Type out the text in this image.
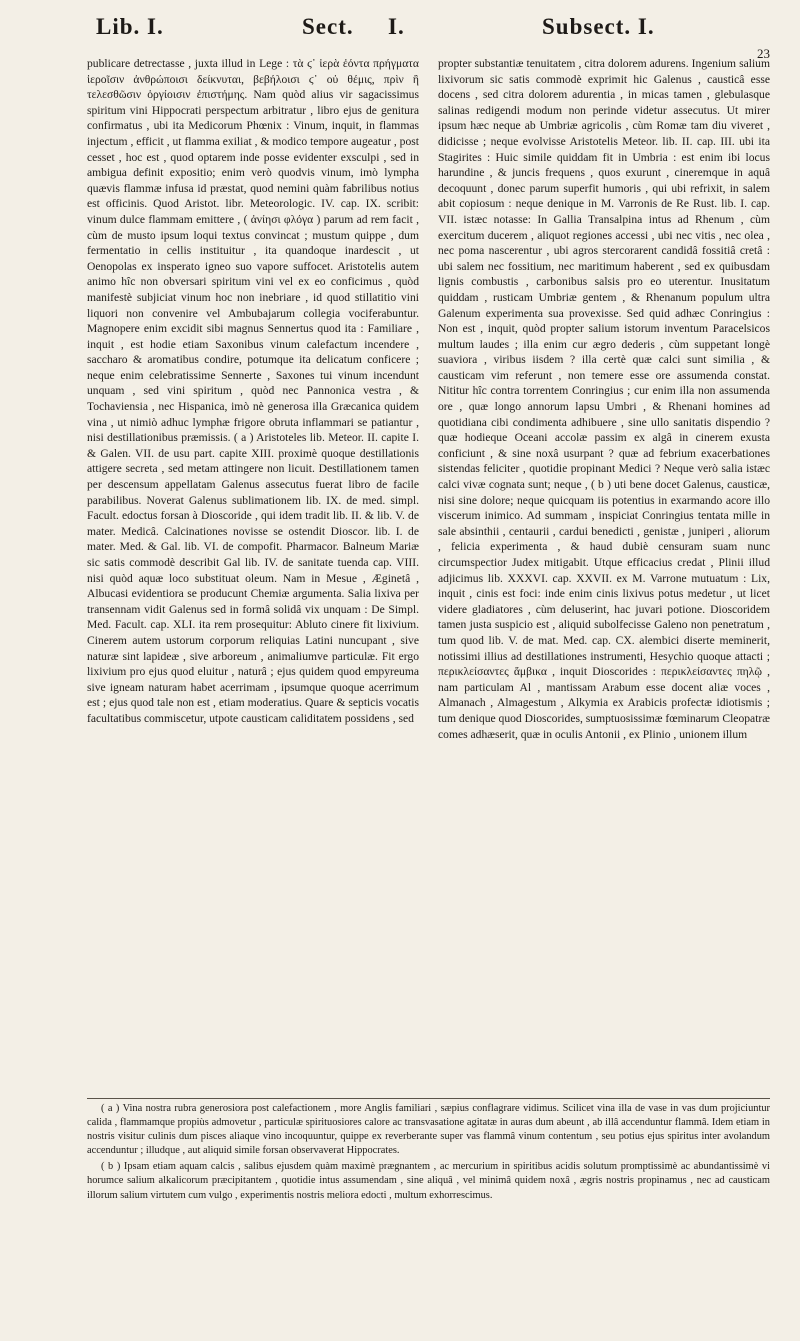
Lib. I.	Sect. I.	Subsect. I.
23

publicare detrectasse , juxta illud in Lege : τὰ ϛ᾽ ἱερὰ ἐόντα πρήγματα ἱεροῖσιν ἀνθρώποισι δείκνυται, βεβήλοισι ϛ᾽ οὐ θέμις, πρὶν ἢ τελεσθῶσιν ὀργίοισιν ἐπιστήμης. Nam quòd alius vir sagacissimus spiritum vini Hippocrati perspectum arbitratur , libro ejus de genitura confirmatus , ubi ita Medicorum Phœnix : Vinum, inquit, in flammas injectum , efficit , ut flamma exiliat , & modico tempore augeatur , post cesset , hoc est , quod optarem inde posse evidenter exsculpi , sed in ambigua definit expositio; enim verò quodvis vinum, imò lympha quævis flammæ infusa id præstat, quod nemini quàm fabrilibus notius est officinis. Quod Aristot. libr. Meteorologic. IV. cap. IX. scribit: vinum dulce flammam emittere , ( ἀνίησι φλόγα ) parum ad rem facit , cùm de musto ipsum loqui textus convincat ; mustum quippe , dum fermentatio in cellis instituitur , ita quandoque inardescit , ut Oenopolas ex insperato igneo suo vapore suffocet. Aristotelis autem animo hîc non obversari spiritum vini vel ex eo conficimus , quòd manifestè subjiciat vinum hoc non inebriare , id quod stillatitio vini liquori non convenire vel Ambubajarum collegia vociferabuntur. Magnopere enim excidit sibi magnus Sennertus quod ita : Familiare , inquit , est hodie etiam Saxonibus vinum calefactum incendere , saccharo & aromatibus condire, potumque ita delicatum conficere ; neque enim celebratissime Sennerte , Saxones tui vinum incendunt unquam , sed vini spiritum , quòd nec Pannonica vestra , & Tochaviensia , nec Hispanica, imò nè generosa illa Græcanica quidem vina , ut nimiò adhuc lymphæ frigore obruta inflammari se patiantur , nisi destillationibus præmissis. ( a ) Aristoteles lib. Meteor. II. capite I. & Galen. VII. de usu part. capite XIII. proximè quoque destillationis attigere secreta , sed metam attingere non licuit. Destillationem tamen per descensum appellatam Galenus assecutus fuerat libro de facile parabilibus. Noverat Galenus sublimationem lib. IX. de med. simpl. Facult. edoctus forsan à Dioscoride , qui idem tradit lib. II. & lib. V. de mater. Medicâ. Calcinationes novisse se ostendit Dioscor. lib. I. de mater. Med. & Gal. lib. VI. de compofit. Pharmacor. Balneum Mariæ sic satis commodè describit Gal lib. IV. de sanitate tuenda cap. VIII. nisi quòd aquæ loco substituat oleum. Nam in Mesue , Æginetâ , Albucasi evidentiora se producunt Chemiæ argumenta. Salia lixiva per transennam vidit Galenus sed in formâ solidâ vix unquam : De Simpl. Med. Facult. cap. XLI. ita rem prosequitur: Abluto cinere fit lixivium. Cinerem autem ustorum corporum reliquias Latini nuncupant , sive naturæ sint lapideæ , sive arboreum , animaliumve particulæ. Fit ergo lixivium pro ejus quod eluitur , naturâ ; ejus quidem quod empyreuma sive igneam naturam habet acerrimam , ipsumque quoque acerrimum est ; ejus quod tale non est , etiam moderatius. Quare & septicis vocatis facultatibus commiscetur, utpote causticam caliditatem possidens , sed

propter substantiæ tenuitatem , citra dolorem adurens. Ingenium salium lixivorum sic satis commodè exprimit hic Galenus , causticâ esse docens , sed citra dolorem adurentia , in micas tamen , glebulasque salinas redigendi modum non perinde videtur assecutus. Ut mirer ipsum hæc neque ab Umbriæ agricolis , cùm Romæ tam diu viveret , didicisse ; neque evolvisse Aristotelis Meteor. lib. II. cap. III. ubi ita Stagirites : Huic simile quiddam fit in Umbria : est enim ibi locus harundine , & juncis frequens , quos exurunt , cineremque in aquâ decoquunt , donec parum superfit humoris , qui ubi refrixit, in salem abit copiosum : neque denique in M. Varronis de Re Rust. lib. I. cap. VII. istæc notasse: In Gallia Transalpina intus ad Rhenum , cùm exercitum ducerem , aliquot regiones accessi , ubi nec vitis , nec olea , nec poma nascerentur , ubi agros stercorarent candidâ fossitiâ cretâ : ubi salem nec fossitium, nec maritimum haberent , sed ex quibusdam lignis combustis , carbonibus salsis pro eo uterentur. Inusitatum quiddam , rusticam Umbriæ gentem , & Rhenanum populum ultra Galenum experimenta sua provexisse. Sed quid adhæc Conringius : Non est , inquit, quòd propter salium istorum inventum Paracelsicos multum laudes ; illa enim cur ægro dederis , cùm suppetant longè suaviora , viribus iisdem ? illa certè quæ calci sunt similia , & causticam vim referunt , non temere esse ore assumenda constat. Nititur hîc contra torrentem Conringius ; cur enim illa non assumenda ore , quæ longo annorum lapsu Umbri , & Rhenani homines ad quotidiana cibi condimenta adhibuere , sine ullo sanitatis dispendio ? quæ hodieque Oceani accolæ passim ex algâ in cinerem exusta conficiunt , & sine noxâ usurpant ? quæ ad febrium exacerbationes sistendas feliciter , quotidie propinant Medici ? Neque verò salia istæc calci vivæ cognata sunt; neque , ( b ) uti bene docet Galenus, causticæ, nisi sine dolore; neque quicquam iis potentius in exarmando acore illo viscerum inimico. Ad summam , inspiciat Conringius tentata mille in sale absinthii , centaurii , cardui benedicti , genistæ , juniperi , aliorum , felicia experimenta , & haud dubiè censuram suam nunc circumspectior Judex mitigabit. Utque efficacius credat , Plinii illud adjicimus lib. XXXVI. cap. XXVII. ex M. Varrone mutuatum : Lix, inquit , cinis est foci: inde enim cinis lixivus potus medetur , ut licet videre gladiatores , cùm deluserint, hac juvari potione. Dioscoridem tamen justa suspicio est , aliquid subolfecisse Galeno non penetratum , tum quod lib. V. de mat. Med. cap. CX. alembici diserte meminerit, notissimi illius ad destillationes instrumenti, Hesychio quoque attacti ; περικλείσαντες ἄμβικα , inquit Dioscorides : περικλείσαντες πηλῷ , nam particulam Al , mantissam Arabum esse docent aliæ voces , Almanach , Almagestum , Alkymia ex Arabicis profectæ idiotismis ; tum denique quod Dioscorides, sumptuosissimæ fœminarum Cleopatræ comes adhæserit, quæ in oculis Antonii , ex Plinio , unionem illum

( a ) Vina nostra rubra generosiora post calefactionem , more Anglis familiari , sæpius conflagrare vidimus. Scilicet vina illa de vase in vas dum projiciuntur calida , flammamque propiùs admovetur , particulæ spirituosiores calore ac transvasatione agitatæ in auras dum abeunt , ab illâ accenduntur flammâ. Idem etiam in nostris visitur culinis dum pisces aliaque vino incoquuntur, quippe ex reverberante super vas flammâ vinum contentum , seu potius ejus spiritus inter avolandum accenduntur ; illudque , aut aliquid simile forsan observaverat Hippocrates.

( b ) Ipsam etiam aquam calcis , salibus ejusdem quàm maximè prægnantem , ac mercurium in spiritibus acidis solutum promptissimè ac abundantissimè vi horumce salium alkalicorum præcipitantem , quotidie intus assumendam , sine aliquâ , vel minimâ quidem noxâ , ægris nostris propinamus , nec ad causticam illorum salium virtutem cum vulgo , experimentis nostris meliora edocti , multum exhorrescimus.
